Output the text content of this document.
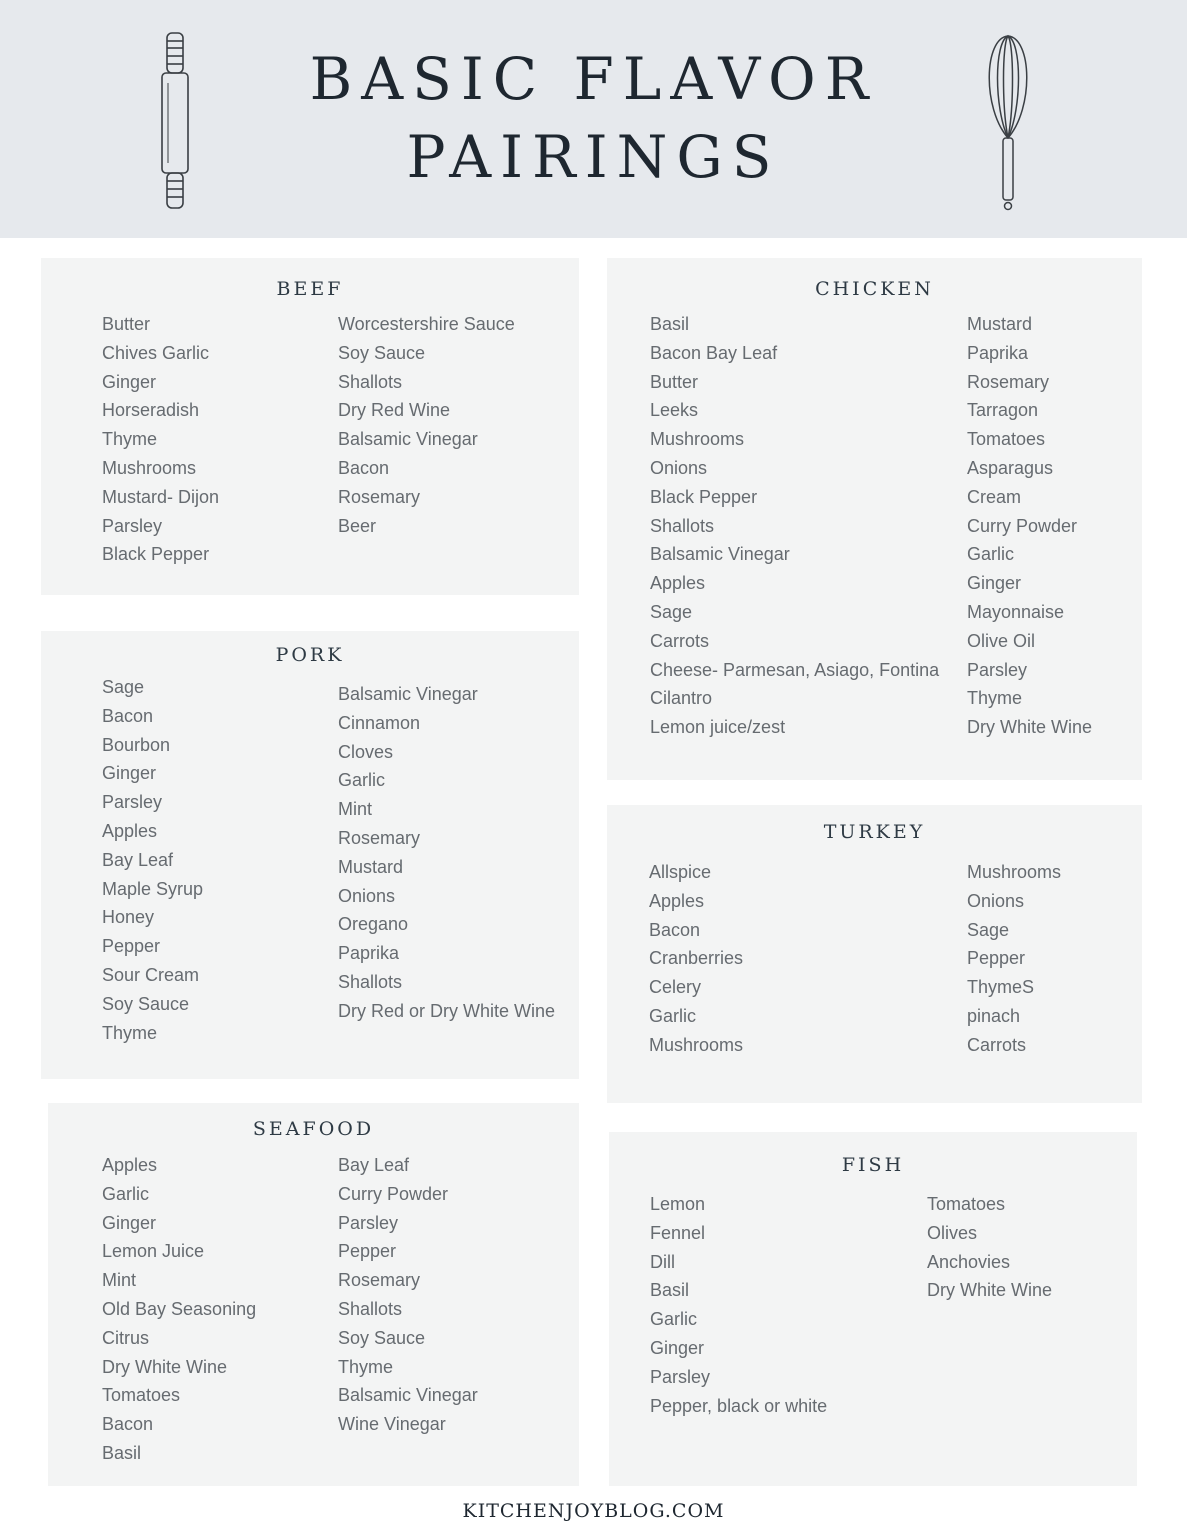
BASIC FLAVOR
PAIRINGS
BEEF
Butter
Chives Garlic
Ginger
Horseradish
Thyme
Mushrooms
Mustard- Dijon
Parsley
Black Pepper
Worcestershire Sauce
Soy Sauce
Shallots
Dry Red Wine
Balsamic Vinegar
Bacon
Rosemary
Beer
PORK
Sage
Bacon
Bourbon
Ginger
Parsley
Apples
Bay Leaf
Maple Syrup
Honey
Pepper
Sour Cream
Soy Sauce
Thyme
Balsamic Vinegar
Cinnamon
Cloves
Garlic
Mint
Rosemary
Mustard
Onions
Oregano
Paprika
Shallots
Dry Red or Dry White Wine
SEAFOOD
Apples
Garlic
Ginger
Lemon Juice
Mint
Old Bay Seasoning
Citrus
Dry White Wine
Tomatoes
Bacon
Basil
Bay Leaf
Curry Powder
Parsley
Pepper
Rosemary
Shallots
Soy Sauce
Thyme
Balsamic Vinegar
Wine Vinegar
CHICKEN
Basil
Bacon Bay Leaf
Butter
Leeks
Mushrooms
Onions
Black Pepper
Shallots
Balsamic Vinegar
Apples
Sage
Carrots
Cheese- Parmesan, Asiago, Fontina
Cilantro
Lemon juice/zest
Mustard
Paprika
Rosemary
Tarragon
Tomatoes
Asparagus
Cream
Curry Powder
Garlic
Ginger
Mayonnaise
Olive Oil
Parsley
Thyme
Dry White Wine
TURKEY
Allspice
Apples
Bacon
Cranberries
Celery
Garlic
Mushrooms
Mushrooms
Onions
Sage
Pepper
ThymeS
pinach
Carrots
FISH
Lemon
Fennel
Dill
Basil
Garlic
Ginger
Parsley
Pepper, black or white
Tomatoes
Olives
Anchovies
Dry White Wine
KITCHENJOYBLOG.COM
